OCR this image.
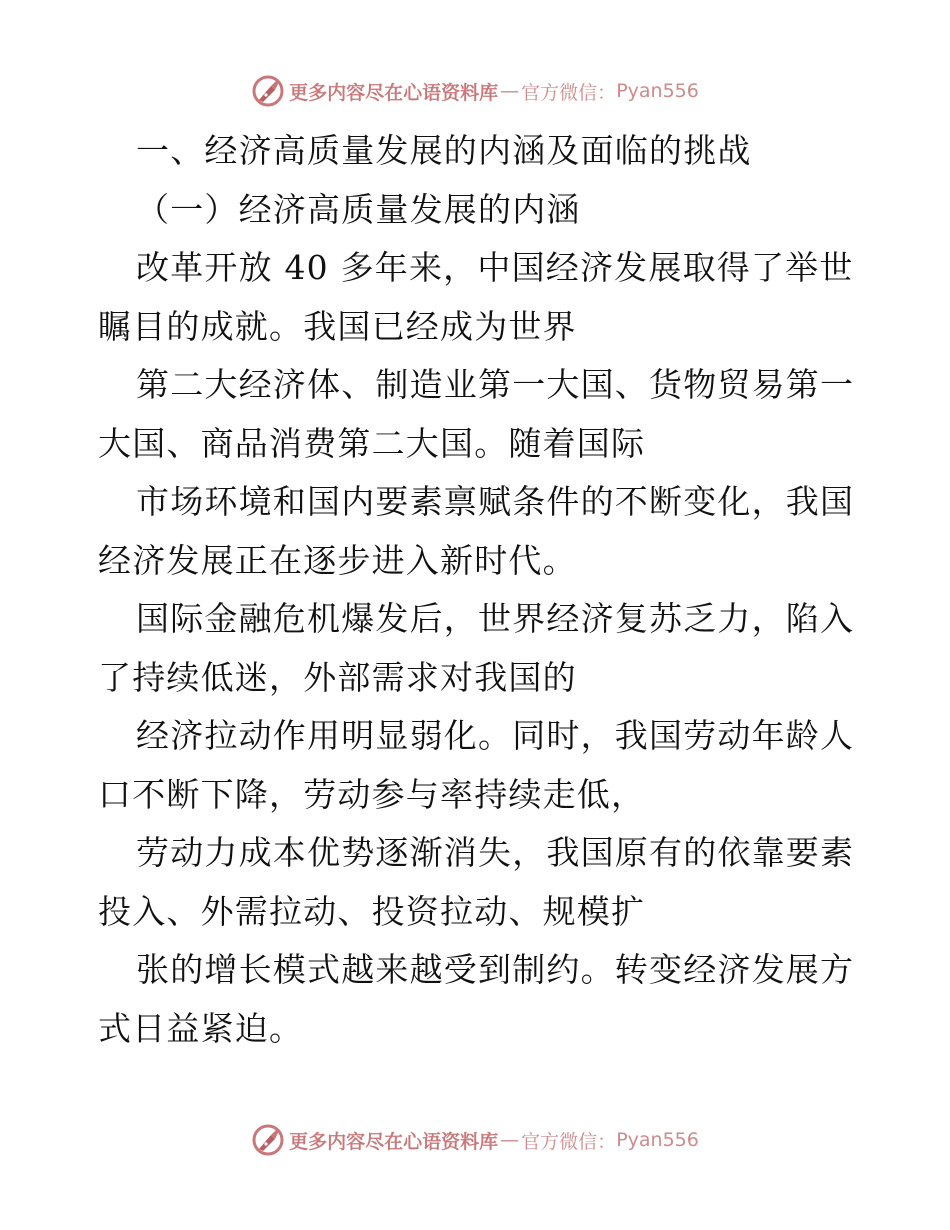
更多内容尽在心语资料库 — 官方微信： Pyan556
一、经济高质量发展的内涵及面临的挑战
（一）经济高质量发展的内涵
改革开放 40 多年来，中国经济发展取得了举世
瞩目的成就。我国已经成为世界
第二大经济体、制造业第一大国、货物贸易第一
大国、商品消费第二大国。随着国际
市场环境和国内要素禀赋条件的不断变化，我国
经济发展正在逐步进入新时代。
国际金融危机爆发后，世界经济复苏乏力，陷入
了持续低迷，外部需求对我国的
经济拉动作用明显弱化。同时，我国劳动年龄人
口不断下降，劳动参与率持续走低，
劳动力成本优势逐渐消失，我国原有的依靠要素
投入、外需拉动、投资拉动、规模扩
张的增长模式越来越受到制约。转变经济发展方
式日益紧迫。
更多内容尽在心语资料库 — 官方微信： Pyan556
